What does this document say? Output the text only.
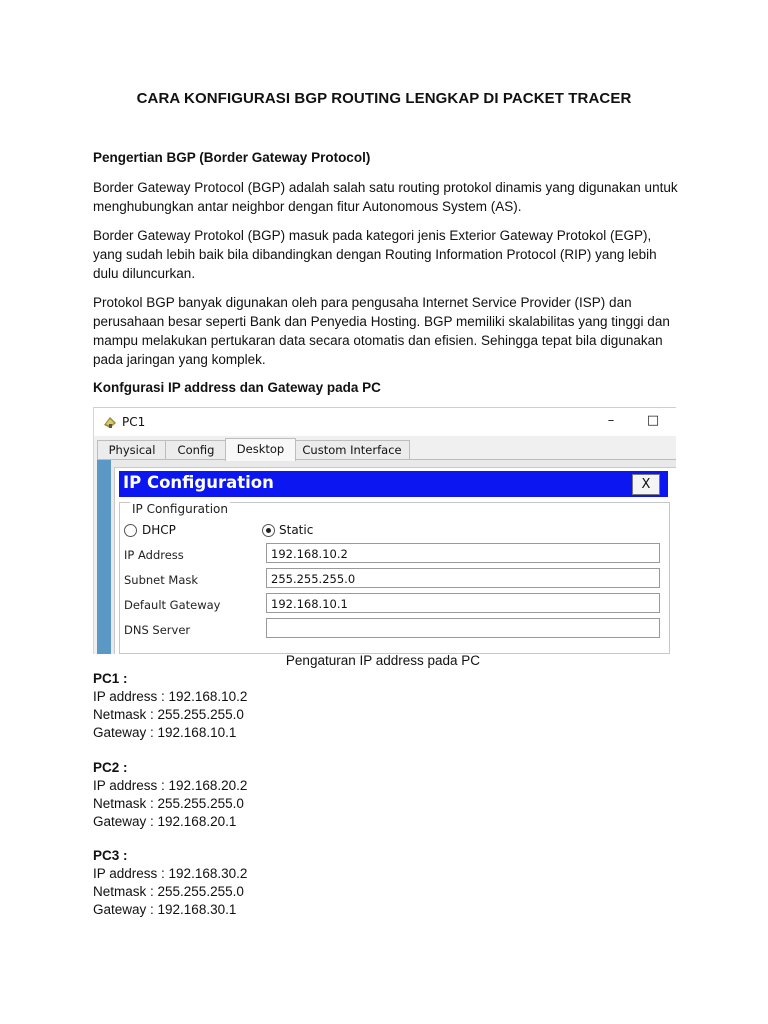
CARA KONFIGURASI BGP ROUTING LENGKAP DI PACKET TRACER
Pengertian BGP (Border Gateway Protocol)

Border Gateway Protocol (BGP) adalah salah satu routing protokol dinamis yang digunakan untuk menghubungkan antar neighbor dengan fitur Autonomous System (AS).

Border Gateway Protokol (BGP) masuk pada kategori jenis Exterior Gateway Protokol (EGP), yang sudah lebih baik bila dibandingkan dengan Routing Information Protocol (RIP) yang lebih dulu diluncurkan.

Protokol BGP banyak digunakan oleh para pengusaha Internet Service Provider (ISP) dan perusahaan besar seperti Bank dan Penyedia Hosting. BGP memiliki skalabilitas yang tinggi dan mampu melakukan pertukaran data secara otomatis dan efisien. Sehingga tepat bila digunakan pada jaringan yang komplek.

Konfgurasi IP address dan Gateway pada PC
PC1	–	□
Physical	Config	Desktop	Custom Interface
IP Configuration	X
IP Configuration
DHCP	Static
IP Address	192.168.10.2
Subnet Mask	255.255.255.0
Default Gateway	192.168.10.1
DNS Server
Pengaturan IP address pada PC
PC1 :
IP address : 192.168.10.2
Netmask : 255.255.255.0
Gateway : 192.168.10.1
PC2 :
IP address : 192.168.20.2
Netmask : 255.255.255.0
Gateway : 192.168.20.1
PC3 :
IP address : 192.168.30.2
Netmask : 255.255.255.0
Gateway : 192.168.30.1
